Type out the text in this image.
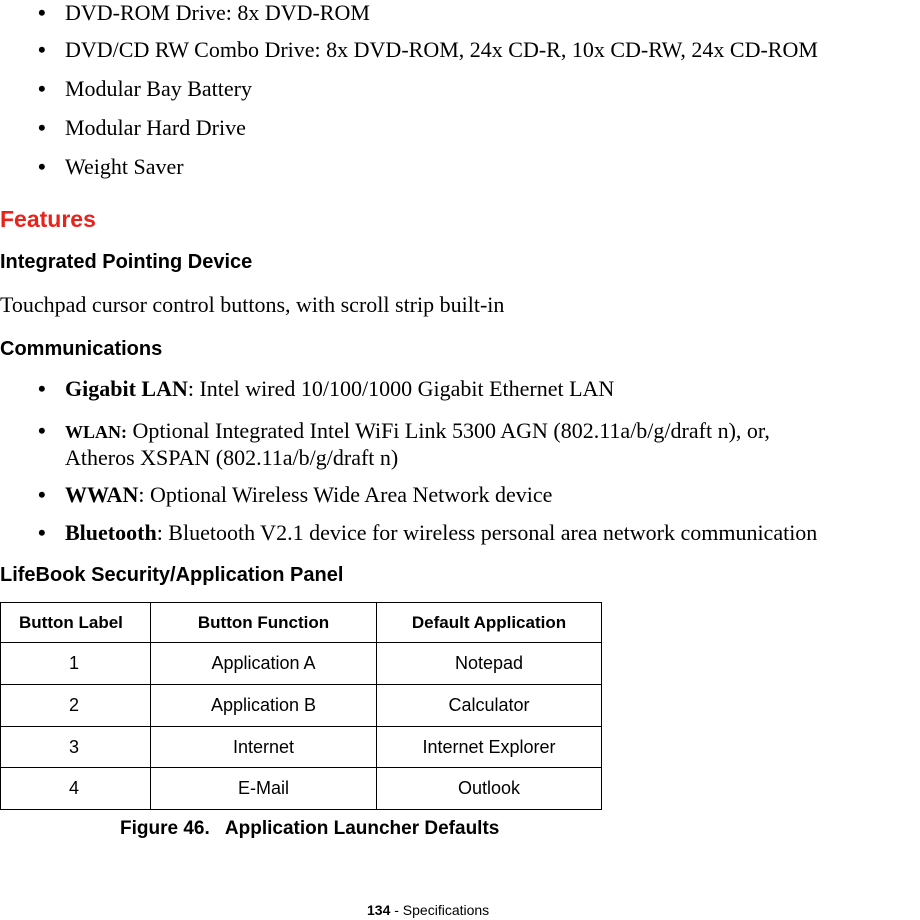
• DVD-ROM Drive: 8x DVD-ROM
• DVD/CD RW Combo Drive: 8x DVD-ROM, 24x CD-R, 10x CD-RW, 24x CD-ROM
• Modular Bay Battery
• Modular Hard Drive
• Weight Saver
Features
Integrated Pointing Device
Touchpad cursor control buttons, with scroll strip built-in
Communications
• Gigabit LAN: Intel wired 10/100/1000 Gigabit Ethernet LAN
•	WLAN: Optional Integrated Intel WiFi Link 5300 AGN (802.11a/b/g/draft n), or,
Atheros XSPAN (802.11a/b/g/draft n)
• WWAN: Optional Wireless Wide Area Network device
• Bluetooth: Bluetooth V2.1 device for wireless personal area network communication
LifeBook Security/Application Panel
Button Label	Button Function	Default Application
1	Application A	Notepad
2	Application B	Calculator
3	Internet	Internet Explorer
4	E-Mail	Outlook
Figure 46.   Application Launcher Defaults
134 - Specifications
